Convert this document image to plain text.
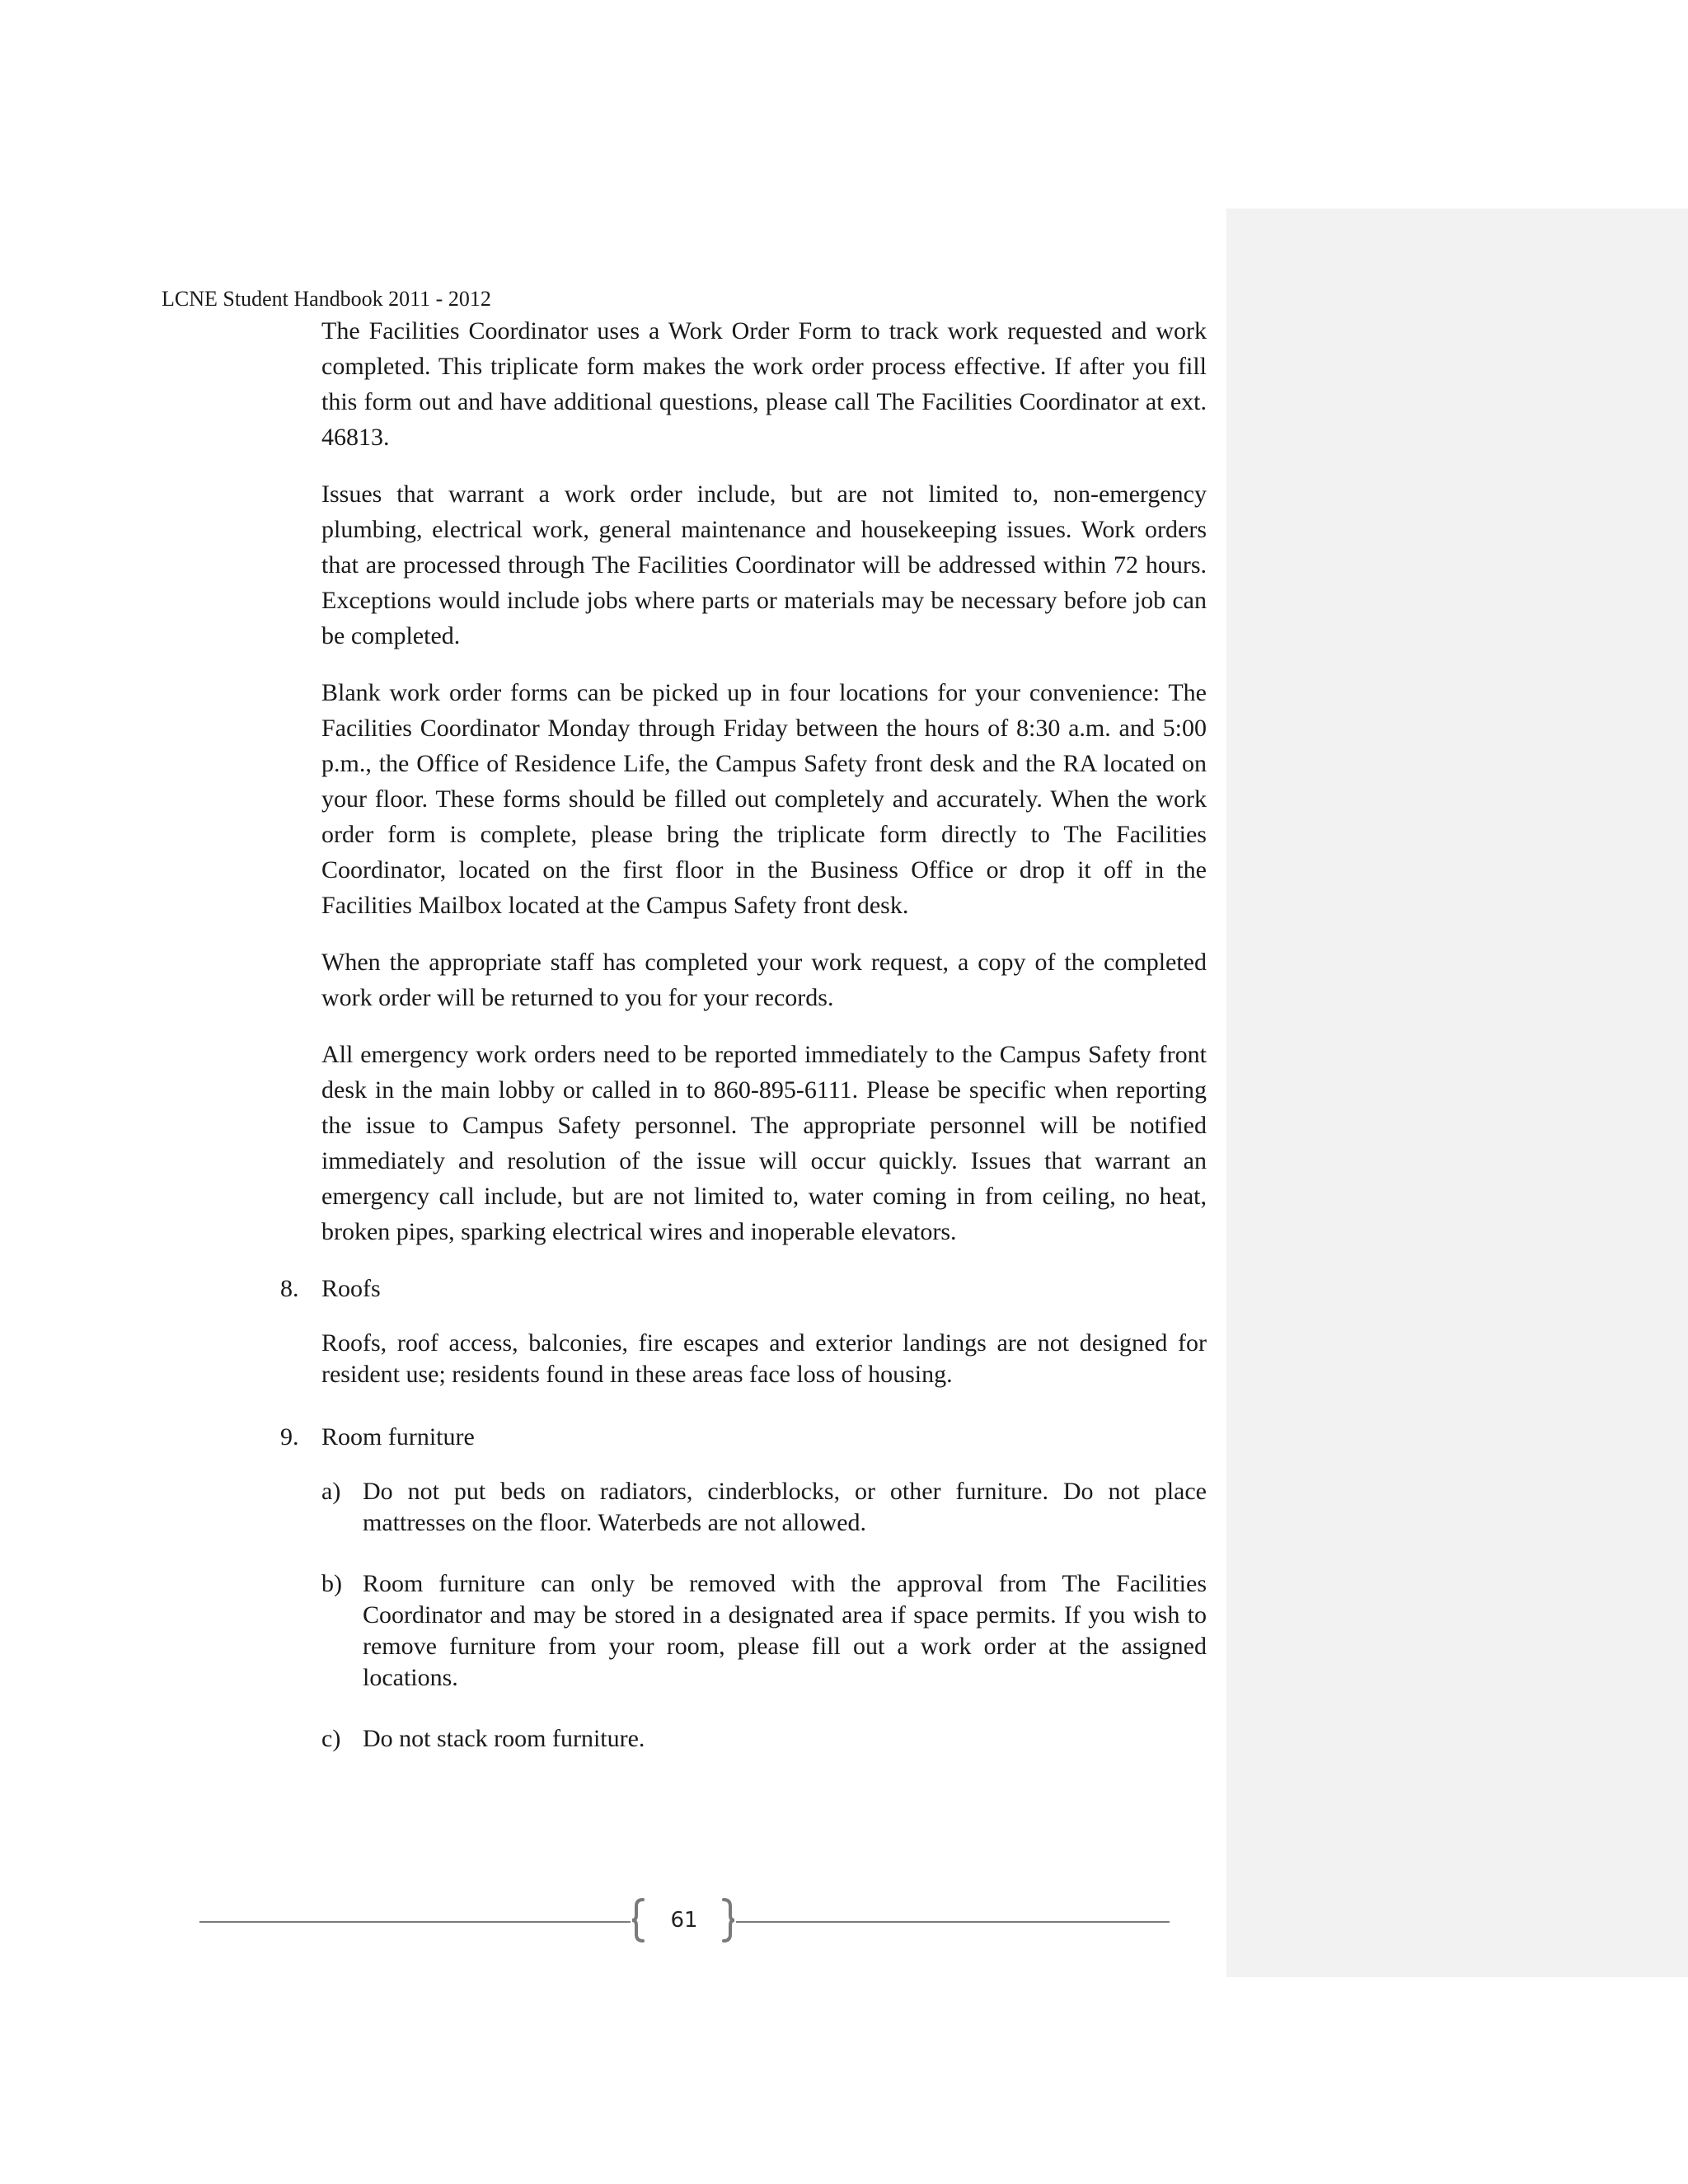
LCNE Student Handbook 2011 - 2012

The Facilities Coordinator uses a Work Order Form to track work requested and work completed. This triplicate form makes the work order process effective. If after you fill this form out and have additional questions, please call The Facilities Coordinator at ext. 46813.

Issues that warrant a work order include, but are not limited to, non-emergency plumbing, electrical work, general maintenance and housekeeping issues. Work orders that are processed through The Facilities Coordinator will be addressed within 72 hours. Exceptions would include jobs where parts or materials may be necessary before job can be completed.

Blank work order forms can be picked up in four locations for your convenience: The Facilities Coordinator Monday through Friday between the hours of 8:30 a.m. and 5:00 p.m., the Office of Residence Life, the Campus Safety front desk and the RA located on your floor. These forms should be filled out completely and accurately. When the work order form is complete, please bring the triplicate form directly to The Facilities Coordinator, located on the first floor in the Business Office or drop it off in the Facilities Mailbox located at the Campus Safety front desk.

When the appropriate staff has completed your work request, a copy of the completed work order will be returned to you for your records.

All emergency work orders need to be reported immediately to the Campus Safety front desk in the main lobby or called in to 860-895-6111. Please be specific when reporting the issue to Campus Safety personnel. The appropriate personnel will be notified immediately and resolution of the issue will occur quickly. Issues that warrant an emergency call include, but are not limited to, water coming in from ceiling, no heat, broken pipes, sparking electrical wires and inoperable elevators.

8. Roofs
Roofs, roof access, balconies, fire escapes and exterior landings are not designed for resident use; residents found in these areas face loss of housing.
9. Room furniture
a) Do not put beds on radiators, cinderblocks, or other furniture. Do not place mattresses on the floor. Waterbeds are not allowed.
b) Room furniture can only be removed with the approval from The Facilities Coordinator and may be stored in a designated area if space permits. If you wish to remove furniture from your room, please fill out a work order at the assigned locations.
c) Do not stack room furniture.
61
